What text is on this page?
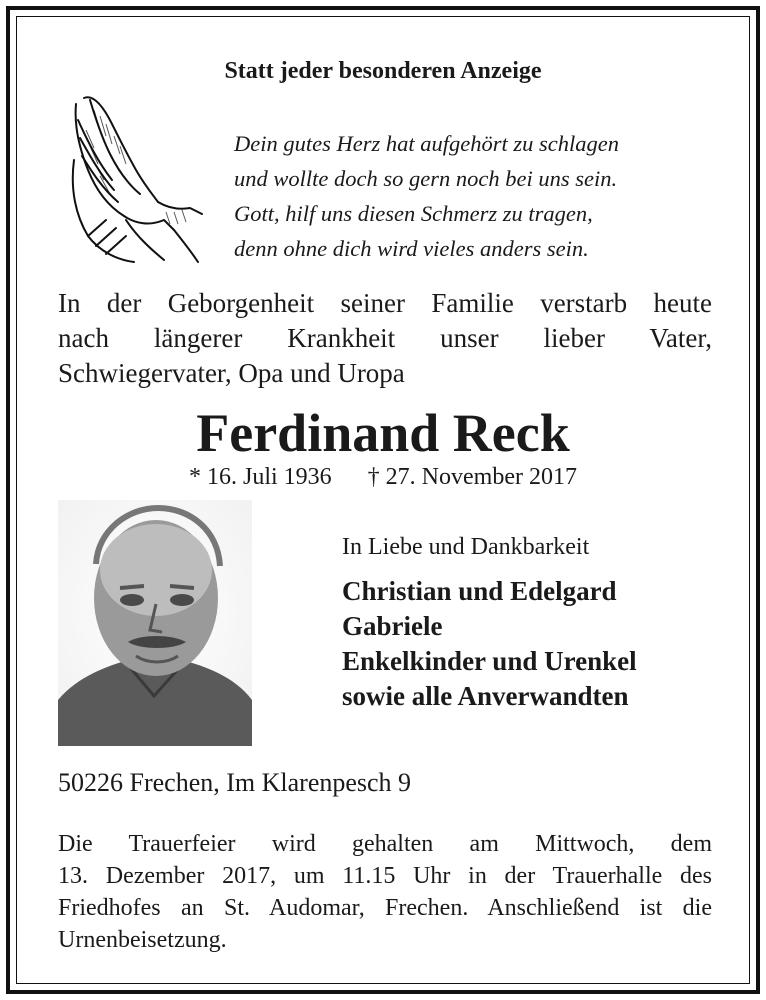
Statt jeder besonderen Anzeige
Dein gutes Herz hat aufgehört zu schlagen
und wollte doch so gern noch bei uns sein.
Gott, hilf uns diesen Schmerz zu tragen,
denn ohne dich wird vieles anders sein.
In der Geborgenheit seiner Familie verstarb heute
nach längerer Krankheit unser lieber Vater,
Schwiegervater, Opa und Uropa
Ferdinand Reck
* 16. Juli 1936      † 27. November 2017
In Liebe und Dankbarkeit
Christian und Edelgard
Gabriele
Enkelkinder und Urenkel
sowie alle Anverwandten
50226 Frechen, Im Klarenpesch 9
Die Trauerfeier wird gehalten am Mittwoch, dem
13. Dezember 2017, um 11.15 Uhr in der Trauerhalle des
Friedhofes an St. Audomar, Frechen. Anschließend ist die
Urnenbeisetzung.
